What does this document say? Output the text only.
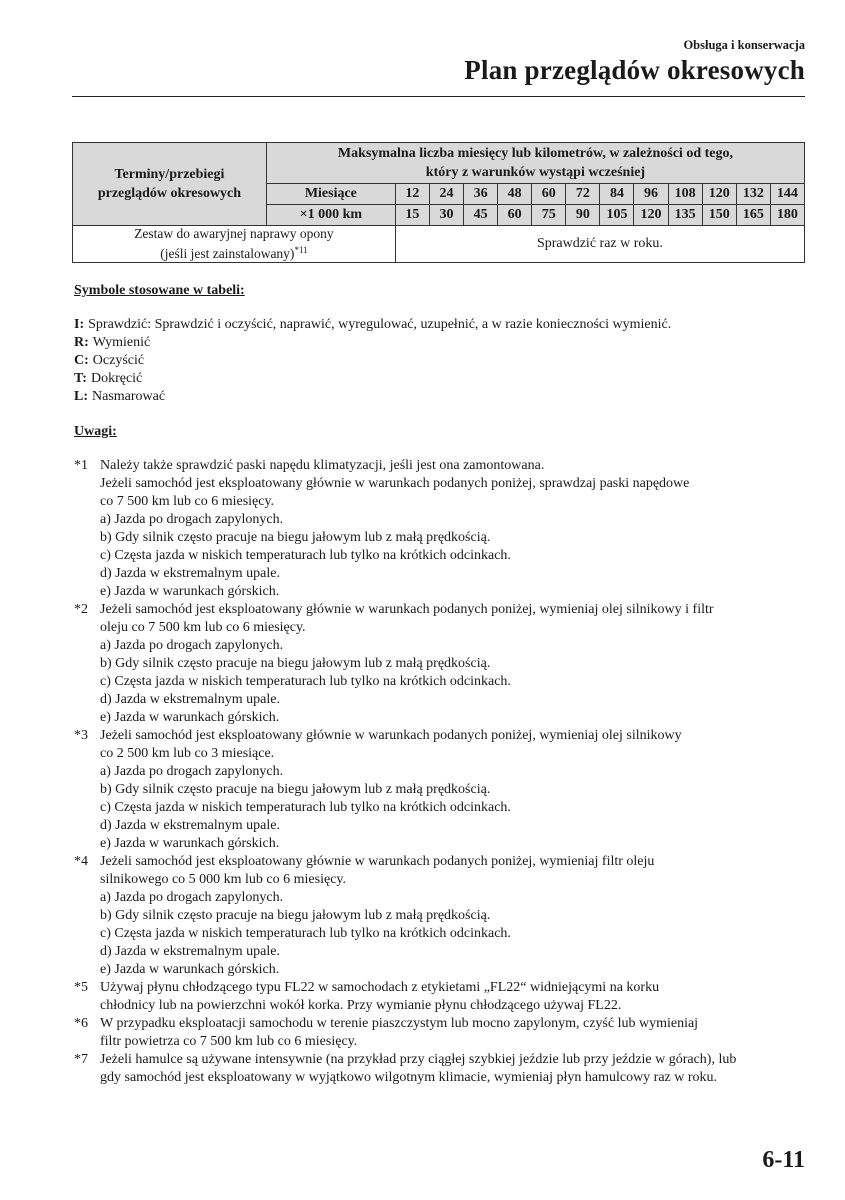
Obsługa i konserwacja
Plan przeglądów okresowych
Terminy/przebiegi
przeglądów okresowych	Maksymalna liczba miesięcy lub kilometrów, w zależności od tego,
który z warunków wystąpi wcześniej												
	Miesiące	12	24	36	48	60	72	84	96	108	120	132	144
	×1 000 km	15	30	45	60	75	90	105	120	135	150	165	180
Zestaw do awaryjnej naprawy opony
(jeśli jest zainstalowany)$^{*11}$		Sprawdzić raz w roku.											

Symbole stosowane w tabeli:

I: Sprawdzić: Sprawdzić i oczyścić, naprawić, wyregulować, uzupełnić, a w razie konieczności wymienić.

R: Wymienić

C: Oczyścić

T: Dokręcić

L: Nasmarować

Uwagi:

*1 Należy także sprawdzić paski napędu klimatyzacji, jeśli jest ona zamontowana.

Jeżeli samochód jest eksploatowany głównie w warunkach podanych poniżej, sprawdzaj paski napędowe

co 7 500 km lub co 6 miesięcy.

a) Jazda po drogach zapylonych.

b) Gdy silnik często pracuje na biegu jałowym lub z małą prędkością.

c) Częsta jazda w niskich temperaturach lub tylko na krótkich odcinkach.

d) Jazda w ekstremalnym upale.

e) Jazda w warunkach górskich.

*2 Jeżeli samochód jest eksploatowany głównie w warunkach podanych poniżej, wymieniaj olej silnikowy i filtr

oleju co 7 500 km lub co 6 miesięcy.

a) Jazda po drogach zapylonych.

b) Gdy silnik często pracuje na biegu jałowym lub z małą prędkością.

c) Częsta jazda w niskich temperaturach lub tylko na krótkich odcinkach.

d) Jazda w ekstremalnym upale.

e) Jazda w warunkach górskich.

*3 Jeżeli samochód jest eksploatowany głównie w warunkach podanych poniżej, wymieniaj olej silnikowy

co 2 500 km lub co 3 miesiące.

a) Jazda po drogach zapylonych.

b) Gdy silnik często pracuje na biegu jałowym lub z małą prędkością.

c) Częsta jazda w niskich temperaturach lub tylko na krótkich odcinkach.

d) Jazda w ekstremalnym upale.

e) Jazda w warunkach górskich.

*4 Jeżeli samochód jest eksploatowany głównie w warunkach podanych poniżej, wymieniaj filtr oleju

silnikowego co 5 000 km lub co 6 miesięcy.

a) Jazda po drogach zapylonych.

b) Gdy silnik często pracuje na biegu jałowym lub z małą prędkością.

c) Częsta jazda w niskich temperaturach lub tylko na krótkich odcinkach.

d) Jazda w ekstremalnym upale.

e) Jazda w warunkach górskich.

*5 Używaj płynu chłodzącego typu FL22 w samochodach z etykietami „FL22“ widniejącymi na korku

chłodnicy lub na powierzchni wokół korka. Przy wymianie płynu chłodzącego używaj FL22.

*6 W przypadku eksploatacji samochodu w terenie piaszczystym lub mocno zapylonym, czyść lub wymieniaj

filtr powietrza co 7 500 km lub co 6 miesięcy.

*7 Jeżeli hamulce są używane intensywnie (na przykład przy ciągłej szybkiej jeździe lub przy jeździe w górach), lub

gdy samochód jest eksploatowany w wyjątkowo wilgotnym klimacie, wymieniaj płyn hamulcowy raz w roku.

6-11
